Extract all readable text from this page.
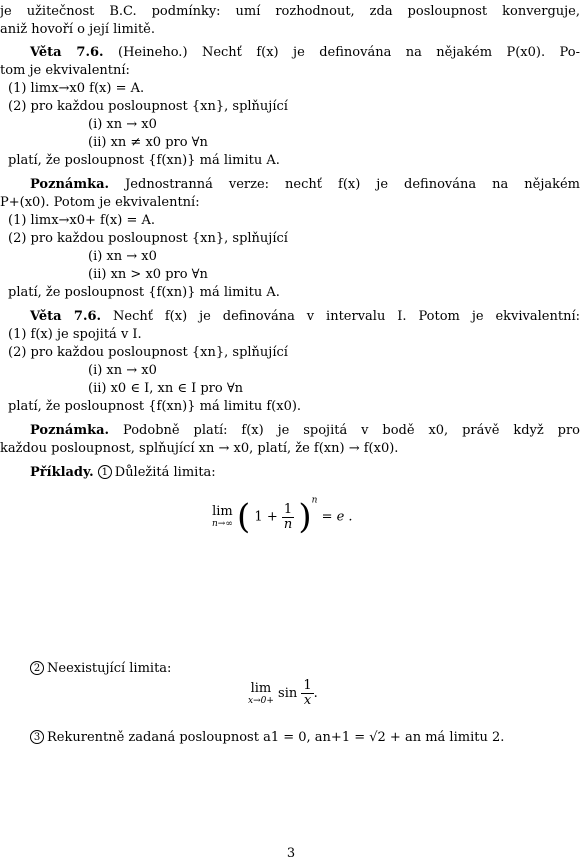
je užitečnost B.C. podmínky: umí rozhodnout, zda posloupnost konverguje,
aniž hovoří o její limitě.
Věta 7.6. (Heineho.) Nechť f(x) je definována na nějakém P(x0). Po-
tom je ekvivalentní:
(1) limx→x0 f(x) = A.
(2) pro každou posloupnost {xn}, splňující
(i) xn → x0
(ii) xn ≠ x0 pro ∀n
platí, že posloupnost {f(xn)} má limitu A.
Poznámka. Jednostranná verze: nechť f(x) je definována na nějakém
P+(x0). Potom je ekvivalentní:
(1) limx→x0+ f(x) = A.
(2) pro každou posloupnost {xn}, splňující
(i) xn → x0
(ii) xn > x0 pro ∀n
platí, že posloupnost {f(xn)} má limitu A.
Věta 7.6. Nechť f(x) je definována v intervalu I. Potom je ekvivalentní:
(1) f(x) je spojitá v I.
(2) pro každou posloupnost {xn}, splňující
(i) xn → x0
(ii) x0 ∈ I, xn ∈ I pro ∀n
platí, že posloupnost {f(xn)} má limitu f(x0).
Poznámka. Podobně platí: f(x) je spojitá v bodě x0, právě když pro
každou posloupnost, splňující xn → x0, platí, že f(xn) → f(x0).
Příklady. 1 Důležitá limita:
lim
n→∞ ( $1 + \frac{1}{n} )^n = e$ .
2 Neexistující limita:
lim
$x\to 0+ \sin \frac{1}{x}$ .
3 Rekurentně zadaná posloupnost a1 = 0, an+1 = √2 + an má limitu 2.
3
